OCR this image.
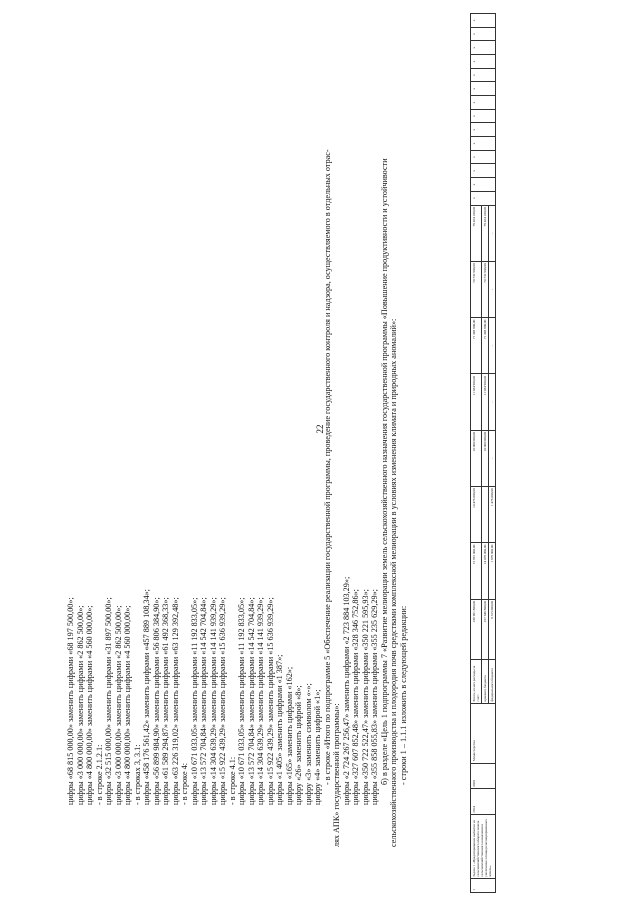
22
цифры «68 815 000,00» заменить цифрами «68 197 500,00»; цифры «3 000 000,00» заменить цифрами «2 862 500,00»; цифры «4 800 000,00» заменить цифрами «4 560 000,00»; - в строке 2.1.2.1: цифры «32 515 000,00» заменить цифрами «31 897 500,00»; цифры «3 000 000,00» заменить цифрами «2 862 500,00»; цифры «4 800 000,00» заменить цифрами «4 560 000,00»; - в строках 3, 3.1: цифры «458 176 561,42» заменить цифрами «457 889 108,34»; цифры «56 899 984,90» заменить цифрами «56 806 384,90»; цифры «61 589 294,87» заменить цифрами «61 492 368,33»; цифры «63 226 319,02» заменить цифрами «63 129 392,48»; - в строке 4: цифры «10 671 033,05» заменить цифрами «11 192 833,05»; цифры «13 572 704,84» заменить цифрами «14 542 704,84»; цифры «14 304 639,29» заменить цифрами «14 141 939,29»; цифры «15 922 439,29» заменить цифрами «15 636 939,29»; - в строке 4.1: цифры «10 671 033,05» заменить цифрами «11 192 833,05»; цифры «13 572 704,84» заменить цифрами «14 542 704,84»; цифры «14 304 639,29» заменить цифрами «14 141 939,29»; цифры «15 922 439,29» заменить цифрами «15 636 939,29»; цифры «1 405» заменить цифрами «1 387»; цифры «165» заменить цифрами «162»; цифру «26» заменить цифрой «8»; цифру «3» заменить символом «-»; цифру «4» заменить цифрой «1»; - в строке «Итого по подпрограмме 5 «Обеспечение реализации государственной программы, проведение государственного контроля и надзора, осуществляемого в отдельных отрас- лях АПК» государственной программы»: цифры «2 724 267 256,47» заменить цифрами «2 723 884 103,29»; цифры «327 607 852,48» заменить цифрами «328 346 752,86»; цифры «350 722 522,47» заменить цифрами «350 221 595,93»; цифры «355 858 055,83» заменить цифрами «355 235 629,29»; б) в разделе «Цель 1 подпрограммы 7 «Развитие мелиорации земель сельскохозяйственного назначения государственной программы «Повышение продуктивности и устойчивости сельскохозяйственного производства и плодородия почв средствами комплексной мелиорации в условиях изменения климата и природных аномалий»: - строки 1 – 1.1.1 изложить в следующей редакции:
1	Задача 1 «Предотвращение выбытия из сельскохозяйственного оборота земель сельскохозяйственного назначения и увеличение площади мелиорированных земель»	2014	2020	Министерство	Всего, из них расходы за счет:	236 961 800,00	15 991 000,00	14 476 000,00	10 000 000,00	11 034 900,00	71 348 900,00	74 732 900,00	78 424 100,00	х	х	х	х	х	х	х	х	х	х	х	х	х	х
					краевого бюджета	227 646 800,00	14 076 000,00		10 000 000,00	11 034 900,00	71 348 900,00	74 732 900,00	78 424 100,00														
					федерального бюджета	9 315 000,00	1 879 000,00	1 476 000,00	-	-	-	-	-														
